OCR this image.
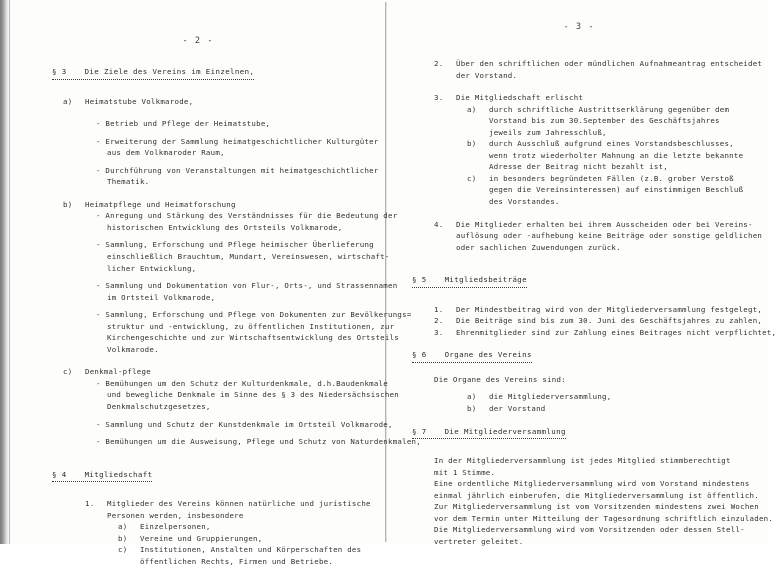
- 2 -
§ 3 Die Ziele des Vereins im Einzelnen,
a) Heimatstube Volkmarode,
- Betrieb und Pflege der Heimatstube,
- Erweiterung der Sammlung heimatgeschichtlicher Kulturgüter
aus dem Volkmaroder Raum,
- Durchführung von Veranstaltungen mit heimatgeschichtlicher
Thematik.
b) Heimatpflege und Heimatforschung
- Anregung und Stärkung des Verständnisses für die Bedeutung der
historischen Entwicklung des Ortsteils Volkmarode,
- Sammlung, Erforschung und Pflege heimischer Überlieferung
einschließlich Brauchtum, Mundart, Vereinswesen, wirtschaft-
licher Entwicklung,
- Sammlung und Dokumentation von Flur-, Orts-, und Strassennamen
im Ortsteil Volkmarode,
- Sammlung, Erforschung und Pflege von Dokumenten zur Bevölkerungs=
struktur und -entwicklung, zu öffentlichen Institutionen, zur
Kirchengeschichte und zur Wirtschaftsentwicklung des Ortsteils
Volkmarode.
c) Denkmal-pflege
- Bemühungen um den Schutz der Kulturdenkmale, d.h.Baudenkmale
und bewegliche Denkmale im Sinne des § 3 des Niedersächsischen
Denkmalschutzgesetzes,
- Sammlung und Schutz der Kunstdenkmale im Ortsteil Volkmarode,
- Bemühungen um die Ausweisung, Pflege und Schutz von Naturdenkmalen,
§ 4 Mitgliedschaft
1. Mitglieder des Vereins können natürliche und juristische
Personen werden, insbesondere
a) Einzelpersonen,
b) Vereine und Gruppierungen,
c) Institutionen, Anstalten und Körperschaften des
öffentlichen Rechts, Firmen und Betriebe.
- 3 -
2. Über den schriftlichen oder mündlichen Aufnahmeantrag entscheidet
der Vorstand.
3. Die Mitgliedschaft erlischt
a) durch schriftliche Austrittserklärung gegenüber dem
Vorstand bis zum 30.September des Geschäftsjahres
jeweils zum Jahresschluß,
b) durch Ausschluß aufgrund eines Vorstandsbeschlusses,
wenn trotz wiederholter Mahnung an die letzte bekannte
Adresse der Beitrag nicht bezahlt ist,
c) in besonders begründeten Fällen (z.B. grober Verstoß
gegen die Vereinsinteressen) auf einstimmigen Beschluß
des Vorstandes.
4. Die Mitglieder erhalten bei ihrem Ausscheiden oder bei Vereins-
auflösung oder -aufhebung keine Beiträge oder sonstige geldlichen
oder sachlichen Zuwendungen zurück.
§ 5 Mitgliedsbeiträge
1. Der Mindestbeitrag wird von der Mitgliederversammlung festgelegt,
2. Die Beiträge sind bis zum 30. Juni des Geschäftsjahres zu zahlen,
3. Ehrenmitglieder sind zur Zahlung eines Beitrages nicht verpflichtet,
§ 6 Organe des Vereins
Die Organe des Vereins sind:
a) die Mitgliederversammlung,
b) der Vorstand
§ 7 Die Mitgliederversammlung
In der Mitgliederversammlung ist jedes Mitglied stimmberechtigt
mit 1 Stimme.
Eine ordentliche Mitgliederversammlung wird vom Vorstand mindestens
einmal jährlich einberufen, die Mitgliederversammlung ist öffentlich.
Zur Mitgliederversammlung ist vom Vorsitzenden mindestens zwei Wochen
vor dem Termin unter Mitteilung der Tagesordnung schriftlich einzuladen.
Die Mitgliederversammlung wird vom Vorsitzenden oder dessen Stell-
vertreter geleitet.
